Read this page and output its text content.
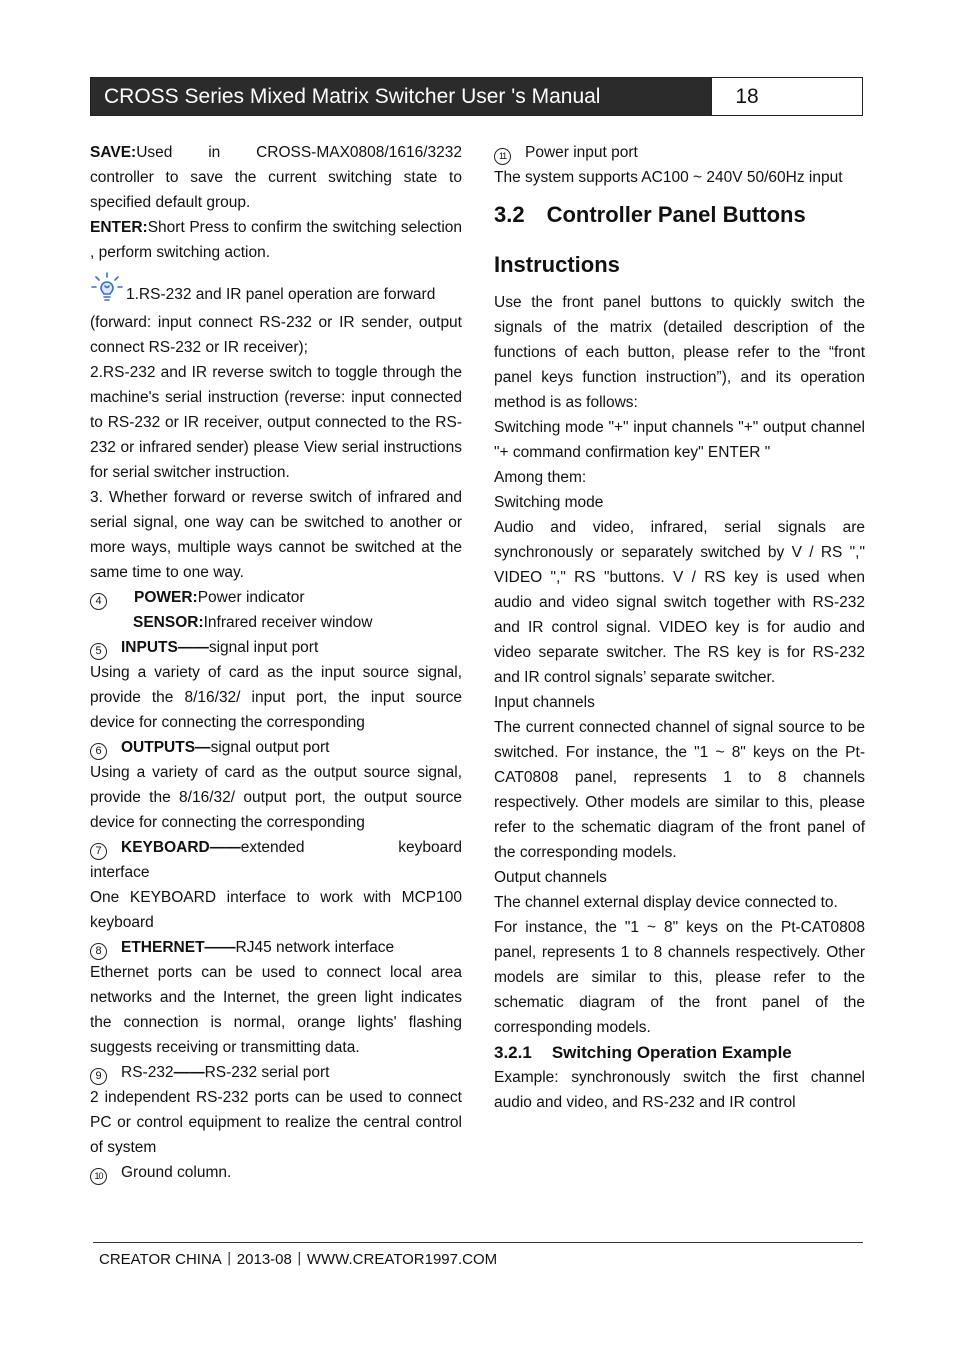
CROSS Series Mixed Matrix Switcher User 's Manual	18

SAVE:Used in CROSS-MAX0808/1616/3232 controller to save the current switching state to specified default group.

ENTER:Short Press to confirm the switching selection , perform switching action.

1.RS-232 and IR panel operation are forward

(forward: input connect RS-232 or IR sender, output connect RS-232 or IR receiver);

2.RS-232 and IR reverse switch to toggle through the machine's serial instruction (reverse: input connected to RS-232 or IR receiver, output connected to the RS-232 or infrared sender) please View serial instructions for serial switcher instruction.

3. Whether forward or reverse switch of infrared and serial signal, one way can be switched to another or more ways, multiple ways cannot be switched at the same time to one way.

4 POWER:Power indicator

SENSOR:Infrared receiver window

5 INPUTS——signal input port

Using a variety of card as the input source signal, provide the 8/16/32/ input port, the input source device for connecting the corresponding

6 OUTPUTS—signal output port

Using a variety of card as the output source signal, provide the 8/16/32/ output port, the output source device for connecting the corresponding

7 KEYBOARD——extended keyboard interface

One KEYBOARD interface to work with MCP100 keyboard

8 ETHERNET——RJ45 network interface

Ethernet ports can be used to connect local area networks and the Internet, the green light indicates the connection is normal, orange lights' flashing suggests receiving or transmitting data.

9 RS-232——RS-232 serial port

2 independent RS-232 ports can be used to connect PC or control equipment to realize the central control of system

10 Ground column.

11 Power input port

The system supports AC100 ~ 240V 50/60Hz input

3.2 Controller Panel Buttons

Instructions

Use the front panel buttons to quickly switch the signals of the matrix (detailed description of the functions of each button, please refer to the “front panel keys function instruction”), and its operation method is as follows:

Switching mode "+" input channels "+" output channel "+ command confirmation key" ENTER "

Among them:

Switching mode

Audio and video, infrared, serial signals are synchronously or separately switched by V / RS "," VIDEO "," RS "buttons. V / RS key is used when audio and video signal switch together with RS-232 and IR control signal. VIDEO key is for audio and video separate switcher. The RS key is for RS-232 and IR control signals’ separate switcher.

Input channels

The current connected channel of signal source to be switched. For instance, the "1 ~ 8" keys on the Pt-CAT0808 panel, represents 1 to 8 channels respectively. Other models are similar to this, please refer to the schematic diagram of the front panel of the corresponding models.

Output channels

The channel external display device connected to.

For instance, the "1 ~ 8" keys on the Pt-CAT0808 panel, represents 1 to 8 channels respectively. Other models are similar to this, please refer to the schematic diagram of the front panel of the corresponding models.

3.2.1 Switching Operation Example

Example: synchronously switch the first channel audio and video, and RS-232 and IR control

CREATOR CHINA丨2013-08丨WWW.CREATOR1997.COM
